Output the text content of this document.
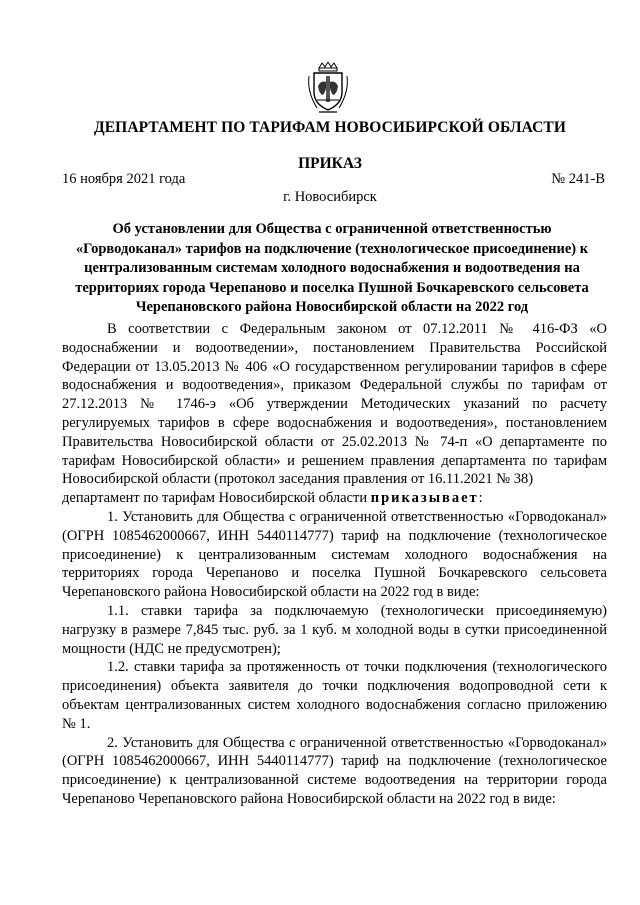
ДЕПАРТАМЕНТ ПО ТАРИФАМ НОВОСИБИРСКОЙ ОБЛАСТИ
ПРИКАЗ
16 ноября 2021 года	№ 241-В
г. Новосибирск
Об установлении для Общества с ограниченной ответственностью «Горводоканал» тарифов на подключение (технологическое присоединение) к централизованным системам холодного водоснабжения и водоотведения на территориях города Черепаново и поселка Пушной Бочкаревского сельсовета Черепановского района Новосибирской области на 2022 год

В соответствии с Федеральным законом от 07.12.2011 № 416-ФЗ «О водоснабжении и водоотведении», постановлением Правительства Российской Федерации от 13.05.2013 № 406 «О государственном регулировании тарифов в сфере водоснабжения и водоотведения», приказом Федеральной службы по тарифам от 27.12.2013 № 1746-э «Об утверждении Методических указаний по расчету регулируемых тарифов в сфере водоснабжения и водоотведения», постановлением Правительства Новосибирской области от 25.02.2013 № 74-п «О департаменте по тарифам Новосибирской области» и решением правления департамента по тарифам Новосибирской области (протокол заседания правления от 16.11.2021 № 38)

департамент по тарифам Новосибирской области приказывает:

1. Установить для Общества с ограниченной ответственностью «Горводоканал» (ОГРН 1085462000667, ИНН 5440114777) тариф на подключение (технологическое присоединение) к централизованным системам холодного водоснабжения на территориях города Черепаново и поселка Пушной Бочкаревского сельсовета Черепановского района Новосибирской области на 2022 год в виде:

1.1. ставки тарифа за подключаемую (технологически присоединяемую) нагрузку в размере 7,845 тыс. руб. за 1 куб. м холодной воды в сутки присоединенной мощности (НДС не предусмотрен);

1.2. ставки тарифа за протяженность от точки подключения (технологического присоединения) объекта заявителя до точки подключения водопроводной сети к объектам централизованных систем холодного водоснабжения согласно приложению № 1.

2. Установить для Общества с ограниченной ответственностью «Горводоканал» (ОГРН 1085462000667, ИНН 5440114777) тариф на подключение (технологическое присоединение) к централизованной системе водоотведения на территории города Черепаново Черепановского района Новосибирской области на 2022 год в виде:
